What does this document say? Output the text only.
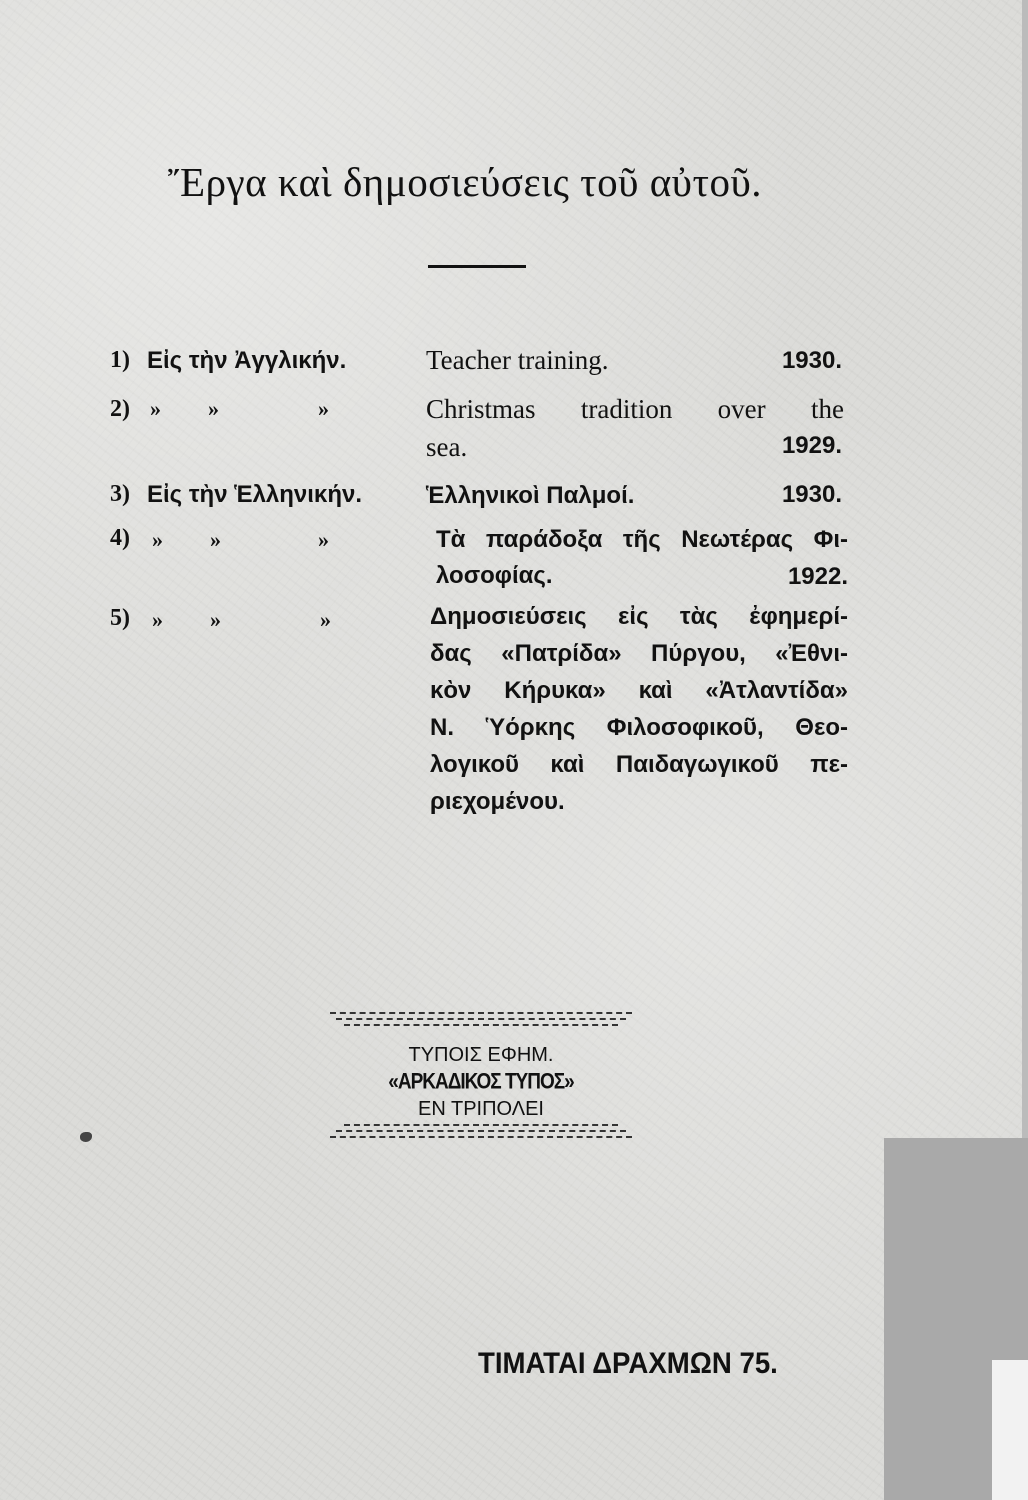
Ἔργα καὶ δημοσιεύσεις τοῦ αὐτοῦ.
1) Εἰς τὴν Ἀγγλικήν.	Teacher training.	1930.
2) » »	»	Christmas tradition over the
sea.	1929.
3) Εἰς τὴν Ἑλληνικήν.	Ἑλληνικοὶ Παλμοί.	1930.
4) » »	»	Τὰ παράδοξα τῆς Νεωτέρας Φι-
λοσοφίας.	1922.
5) » »	»	Δημοσιεύσεις εἰς τὰς ἐφημερί-
δας «Πατρίδα» Πύργου, «Ἐθνι-
κὸν Κήρυκα» καὶ «Ἀτλαντίδα»
Ν. Ὑόρκης Φιλοσοφικοῦ, Θεο-
λογικοῦ καὶ Παιδαγωγικοῦ πε-
ριεχομένου.
ΤΥΠΟΙΣ ΕΦΗΜ.
«ΑΡΚΑΔΙΚΟΣ ΤΥΠΟΣ»
ΕΝ ΤΡΙΠΟΛΕΙ
ΤΙΜΑΤΑΙ ΔΡΑΧΜΩΝ 75.
